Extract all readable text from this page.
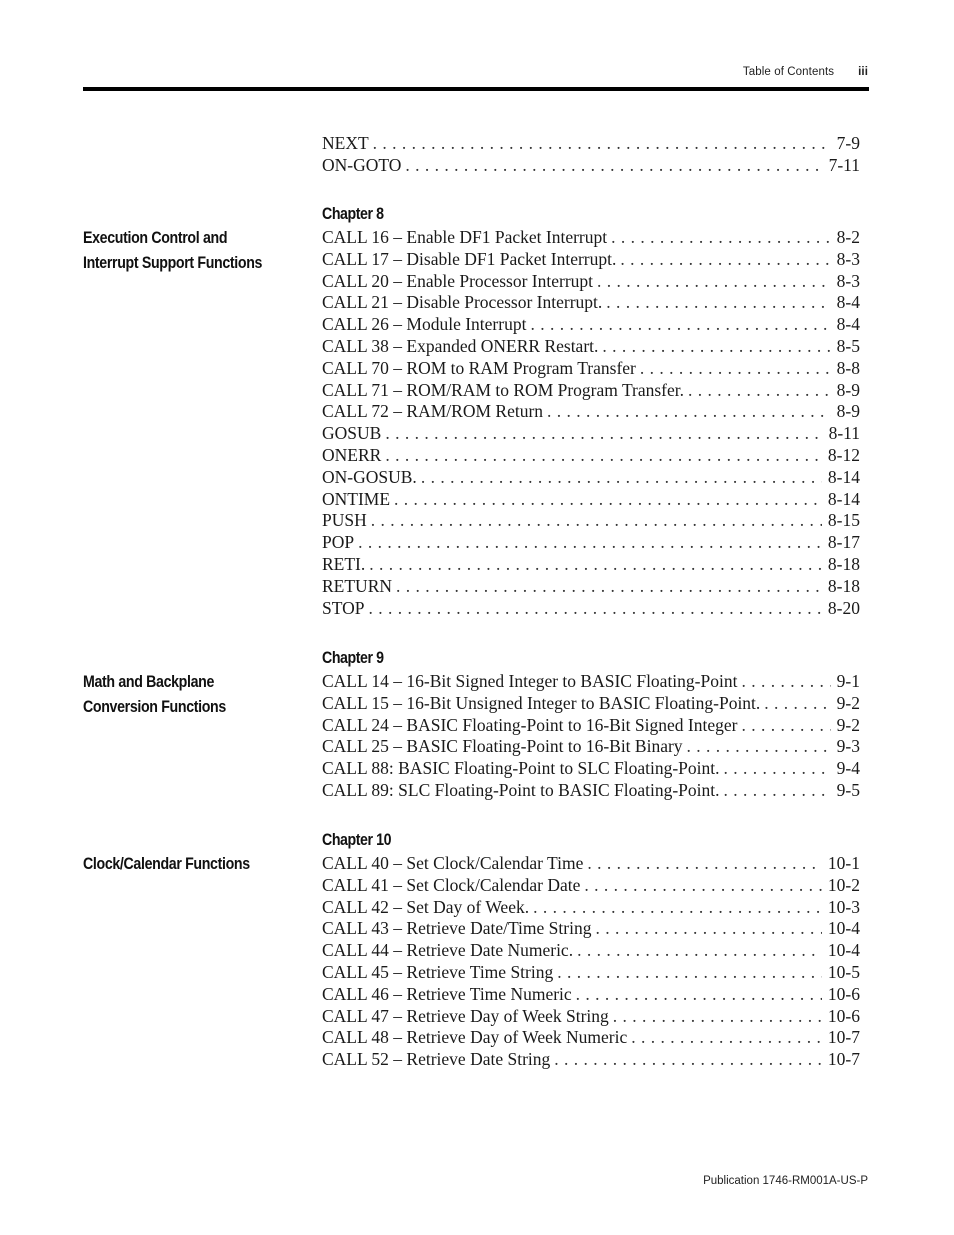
Table of Contents iii
NEXT . . .	7-9
ON-GOTO . . .	7-11
Execution Control and
Interrupt Support Functions
Chapter 8
CALL 16 – Enable DF1 Packet Interrupt . . .	8-2
CALL 17 – Disable DF1 Packet Interrupt. . . .	8-3
CALL 20 – Enable Processor Interrupt . . .	8-3
CALL 21 – Disable Processor Interrupt. . . .	8-4
CALL 26 – Module Interrupt . . .	8-4
CALL 38 – Expanded ONERR Restart. . . .	8-5
CALL 70 – ROM to RAM Program Transfer . . .	8-8
CALL 71 – ROM/RAM to ROM Program Transfer. . . .	8-9
CALL 72 – RAM/ROM Return . . .	8-9
GOSUB . . .	8-11
ONERR . . .	8-12
ON-GOSUB. . . .	8-14
ONTIME . . .	8-14
PUSH . . .	8-15
POP . . .	8-17
RETI. . . .	8-18
RETURN . . .	8-18
STOP . . .	8-20
Math and Backplane
Conversion Functions
Chapter 9
CALL 14 – 16-Bit Signed Integer to BASIC Floating-Point . . .	9-1
CALL 15 – 16-Bit Unsigned Integer to BASIC Floating-Point. . . .	9-2
CALL 24 – BASIC Floating-Point to 16-Bit Signed Integer . . .	9-2
CALL 25 – BASIC Floating-Point to 16-Bit Binary . . .	9-3
CALL 88: BASIC Floating-Point to SLC Floating-Point. . . .	9-4
CALL 89: SLC Floating-Point to BASIC Floating-Point. . . .	9-5
Clock/Calendar Functions
Chapter 10
CALL 40 – Set Clock/Calendar Time . . .	10-1
CALL 41 – Set Clock/Calendar Date . . .	10-2
CALL 42 – Set Day of Week. . . .	10-3
CALL 43 – Retrieve Date/Time String . . .	10-4
CALL 44 – Retrieve Date Numeric. . . .	10-4
CALL 45 – Retrieve Time String . . .	10-5
CALL 46 – Retrieve Time Numeric . . .	10-6
CALL 47 – Retrieve Day of Week String . . .	10-6
CALL 48 – Retrieve Day of Week Numeric . . .	10-7
CALL 52 – Retrieve Date String . . .	10-7
Publication 1746-RM001A-US-P
